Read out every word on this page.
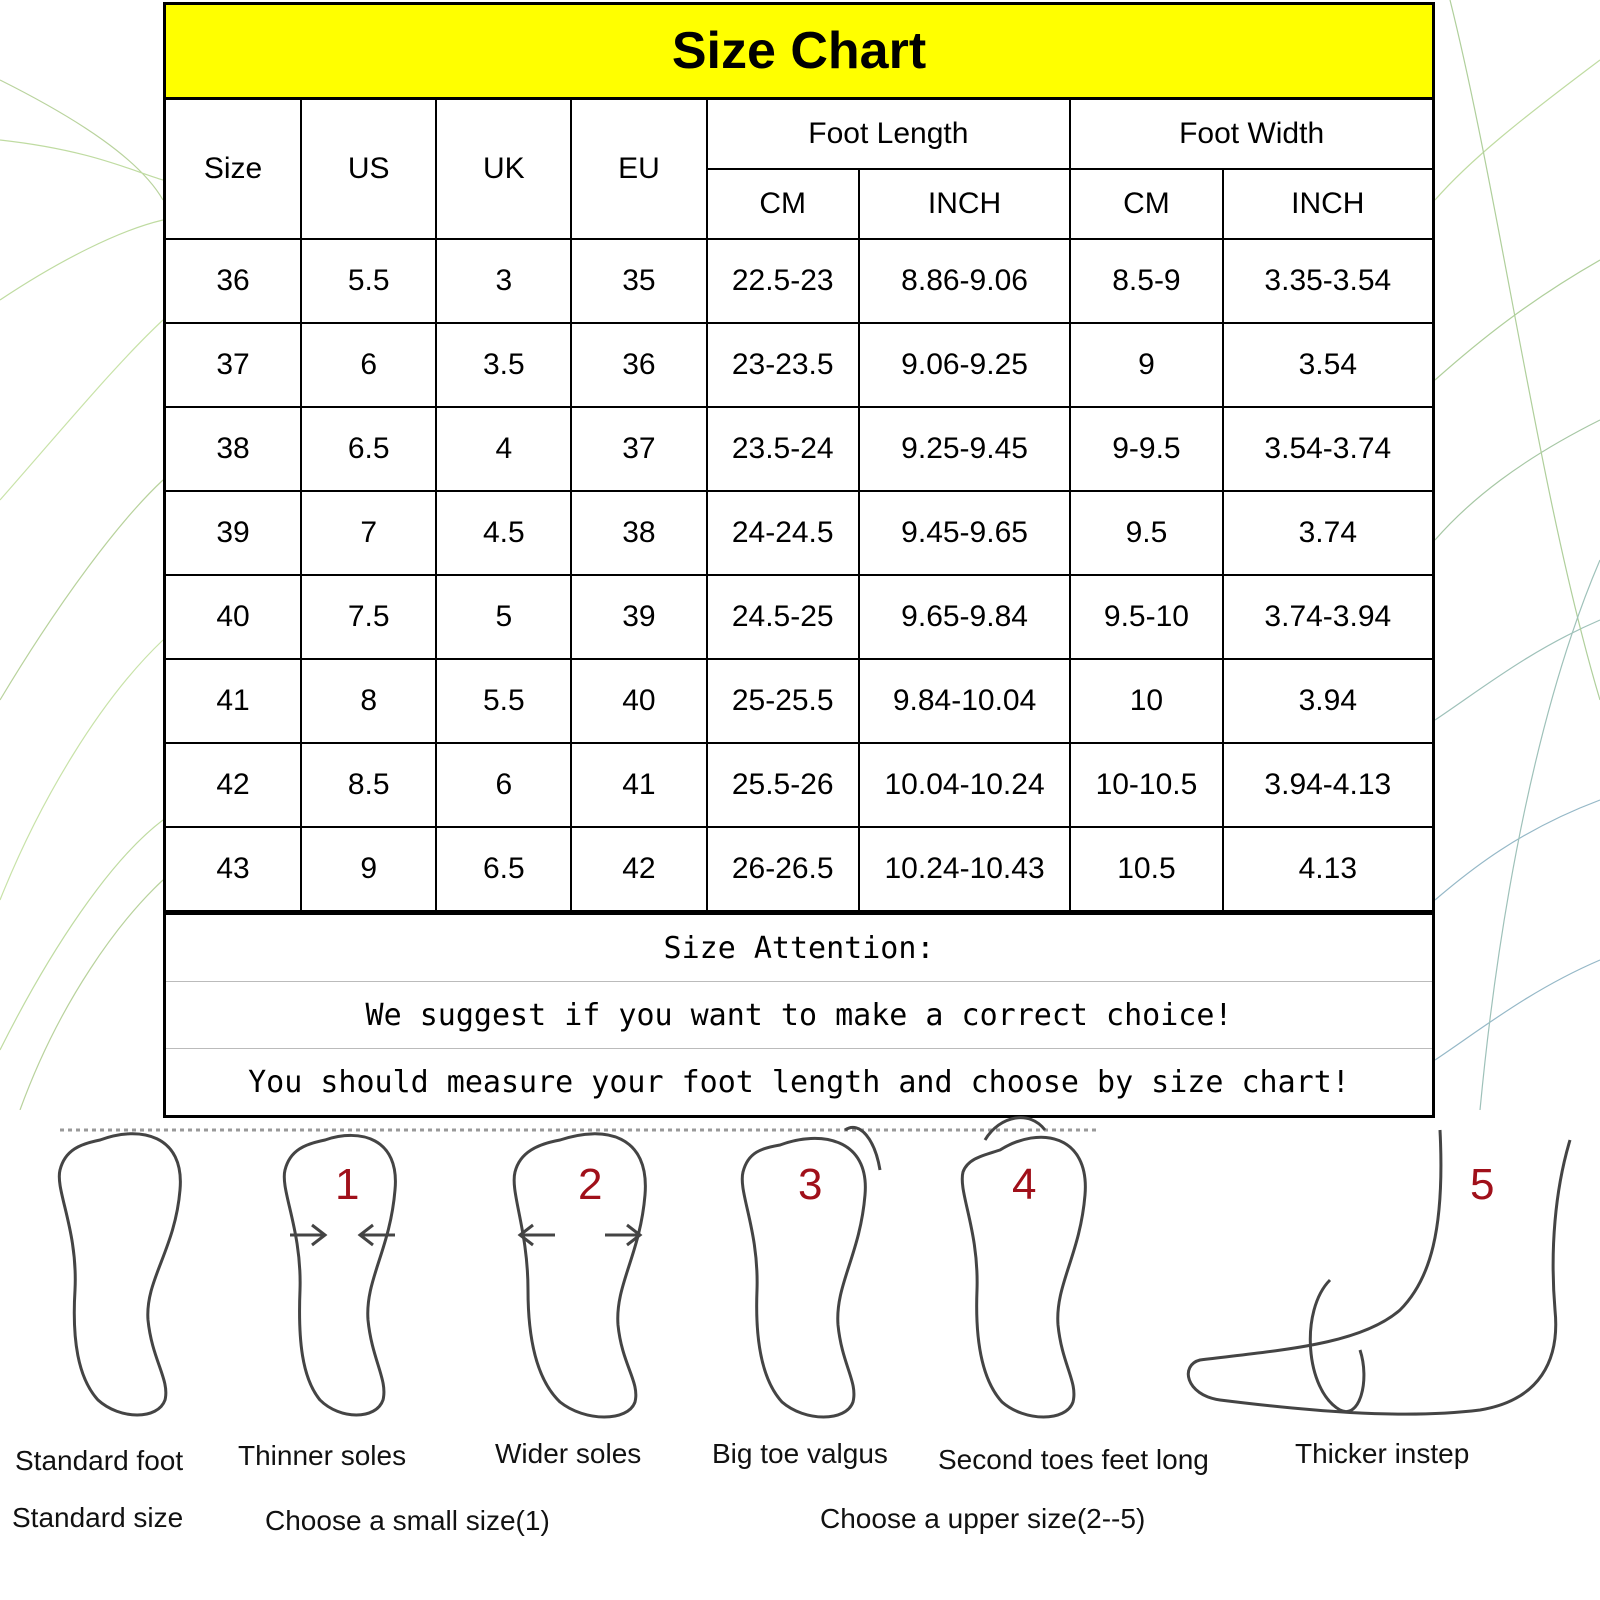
Size Chart
Size	US	UK	EU	Foot Length		Foot Width	
				CM	INCH	CM	INCH
36	5.5	3	35	22.5-23	8.86-9.06	8.5-9	3.35-3.54
37	6	3.5	36	23-23.5	9.06-9.25	9	3.54
38	6.5	4	37	23.5-24	9.25-9.45	9-9.5	3.54-3.74
39	7	4.5	38	24-24.5	9.45-9.65	9.5	3.74
40	7.5	5	39	24.5-25	9.65-9.84	9.5-10	3.74-3.94
41	8	5.5	40	25-25.5	9.84-10.04	10	3.94
42	8.5	6	41	25.5-26	10.04-10.24	10-10.5	3.94-4.13
43	9	6.5	42	26-26.5	10.24-10.43	10.5	4.13
Size Attention:
We suggest if you want to make a correct choice!
You should measure your foot length and choose by size chart!
1	2	3	4	5
Standard foot Thinner soles	Wider soles	Big toe valgus Second toes feet long	Thicker instep
Standard size	Choose a small size(1)	Choose a upper size(2--5)
